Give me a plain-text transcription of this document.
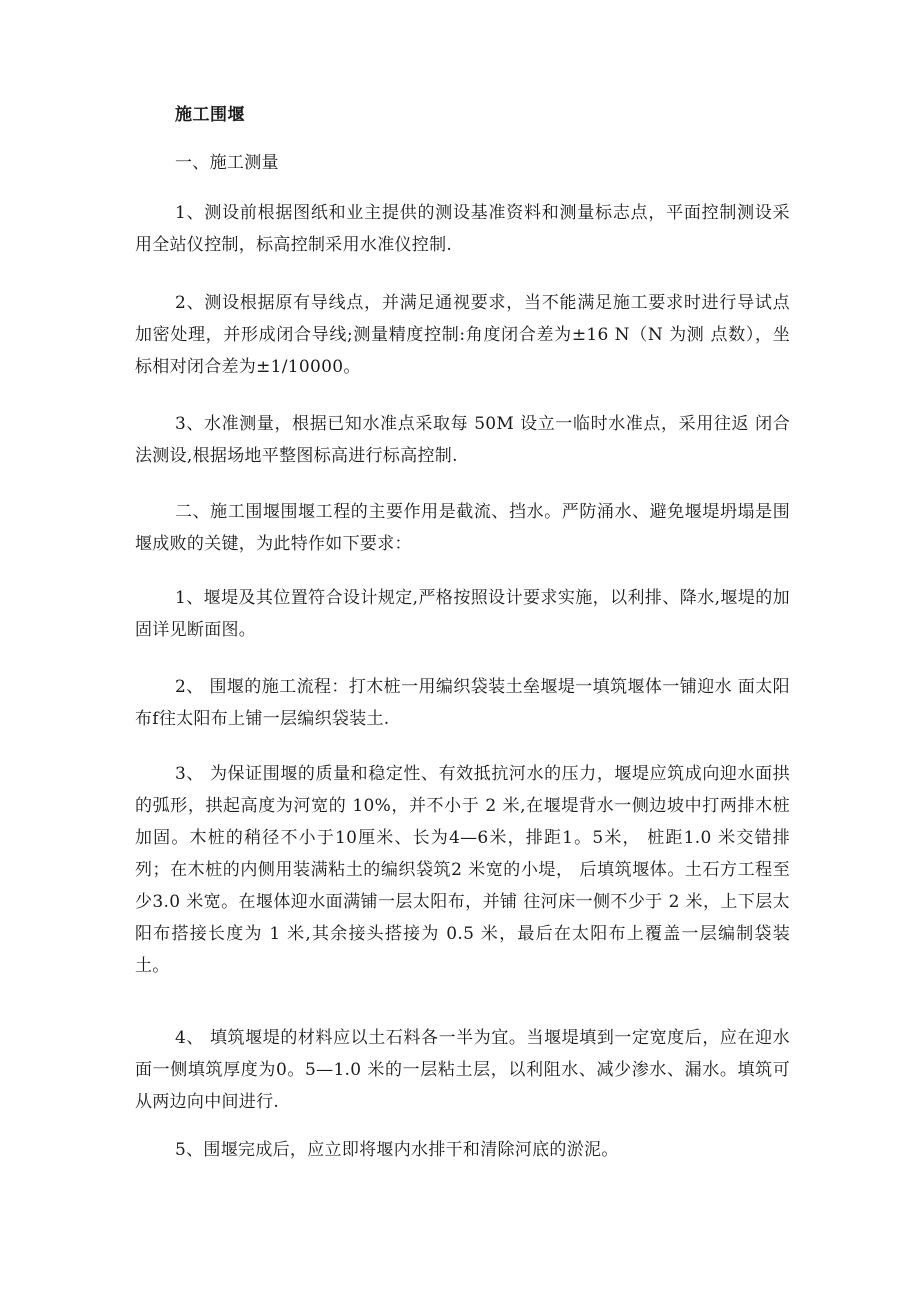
施工围堰

一、施工测量

1、测设前根据图纸和业主提供的测设基准资料和测量标志点，平面控制测设采用全站仪控制，标高控制采用水准仪控制.

2、测设根据原有导线点，并满足通视要求，当不能满足施工要求时进行导试点加密处理，并形成闭合导线;测量精度控制:角度闭合差为±16 N（N 为测 点数），坐标相对闭合差为±1/10000。

3、水准测量，根据已知水准点采取每 50M 设立一临时水准点，采用往返 闭合法测设,根据场地平整图标高进行标高控制.

二、施工围堰围堰工程的主要作用是截流、挡水。严防涌水、避免堰堤坍塌是围堰成败的关键，为此特作如下要求：

1、堰堤及其位置符合设计规定,严格按照设计要求实施，以利排、降水,堰堤的加固详见断面图。

2、 围堰的施工流程：打木桩一用编织袋装土垒堰堤一填筑堰体一铺迎水 面太阳布f往太阳布上铺一层编织袋装土.

3、 为保证围堰的质量和稳定性、有效抵抗河水的压力，堰堤应筑成向迎水面拱的弧形，拱起高度为河宽的 10%，并不小于 2 米,在堰堤背水一侧边坡中打两排木桩加固。木桩的稍径不小于10厘米、长为4—6米，排距1。5米， 桩距1.0 米交错排列；在木桩的内侧用装满粘土的编织袋筑2 米宽的小堤， 后填筑堰体。土石方工程至少3.0 米宽。在堰体迎水面满铺一层太阳布，并铺 往河床一侧不少于 2 米，上下层太阳布搭接长度为 1 米,其余接头搭接为 0.5 米，最后在太阳布上覆盖一层编制袋装土。

4、 填筑堰堤的材料应以土石料各一半为宜。当堰堤填到一定宽度后，应在迎水面一侧填筑厚度为0。5—1.0 米的一层粘土层，以利阻水、减少渗水、漏水。填筑可从两边向中间进行.

5、围堰完成后，应立即将堰内水排干和清除河底的淤泥。
